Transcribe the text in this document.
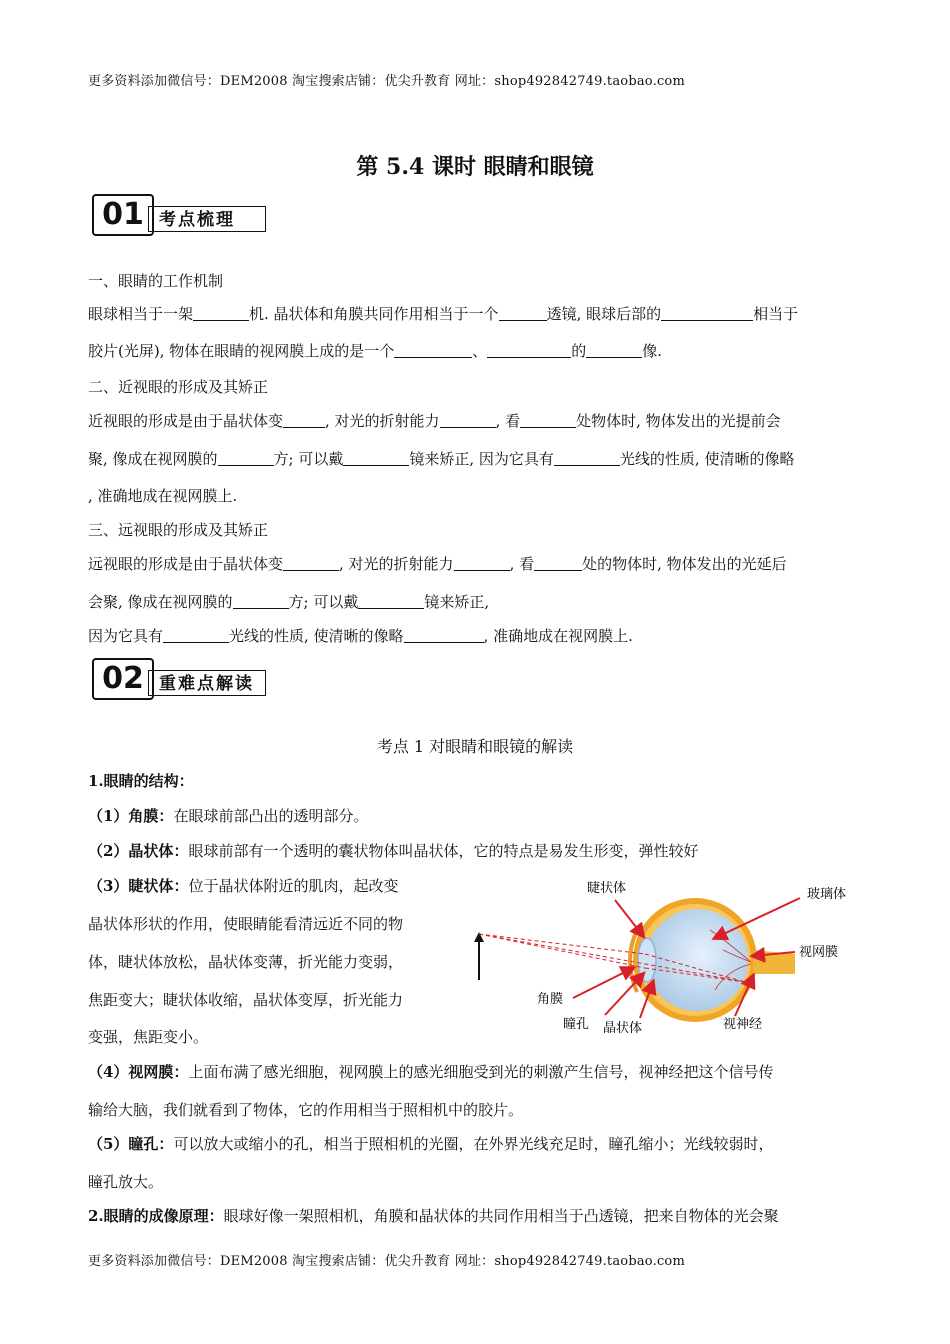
更多资料添加微信号：DEM2008 淘宝搜索店铺：优尖升教育 网址：shop492842749.taobao.com
第 5.4 课时 眼睛和眼镜
01 考点梳理
一、眼睛的工作机制
眼球相当于一架	机. 晶状体和角膜共同作用相当于一个	透镜, 眼球后部的	相当于
胶片(光屏), 物体在眼睛的视网膜上成的是一个	、	的	像.
二、近视眼的形成及其矫正
近视眼的形成是由于晶状体变	, 对光的折射能力	, 看	处物体时, 物体发出的光提前会
聚, 像成在视网膜的	方; 可以戴	镜来矫正, 因为它具有	光线的性质, 使清晰的像略
, 准确地成在视网膜上.
三、远视眼的形成及其矫正
远视眼的形成是由于晶状体变	, 对光的折射能力	, 看	处的物体时, 物体发出的光延后
会聚, 像成在视网膜的	方; 可以戴	镜来矫正,
因为它具有	光线的性质, 使清晰的像略	, 准确地成在视网膜上.
02 重难点解读
考点 1 对眼睛和眼镜的解读
1.眼睛的结构：
（1）角膜：在眼球前部凸出的透明部分。
（2）晶状体：眼球前部有一个透明的囊状物体叫晶状体，它的特点是易发生形变，弹性较好
（3）睫状体：位于晶状体附近的肌肉，起改变
晶状体形状的作用，使眼睛能看清远近不同的物
体，睫状体放松，晶状体变薄，折光能力变弱，
焦距变大；睫状体收缩，晶状体变厚，折光能力
变强，焦距变小。
（4）视网膜：上面布满了感光细胞，视网膜上的感光细胞受到光的刺激产生信号，视神经把这个信号传
输给大脑，我们就看到了物体，它的作用相当于照相机中的胶片。
（5）瞳孔：可以放大或缩小的孔，相当于照相机的光圈，在外界光线充足时，瞳孔缩小；光线较弱时，
瞳孔放大。
2.眼睛的成像原理：眼球好像一架照相机，角膜和晶状体的共同作用相当于凸透镜，把来自物体的光会聚
睫状体	玻璃体
视网膜
角膜
瞳孔 晶状体	视神经
更多资料添加微信号：DEM2008 淘宝搜索店铺：优尖升教育 网址：shop492842749.taobao.com
